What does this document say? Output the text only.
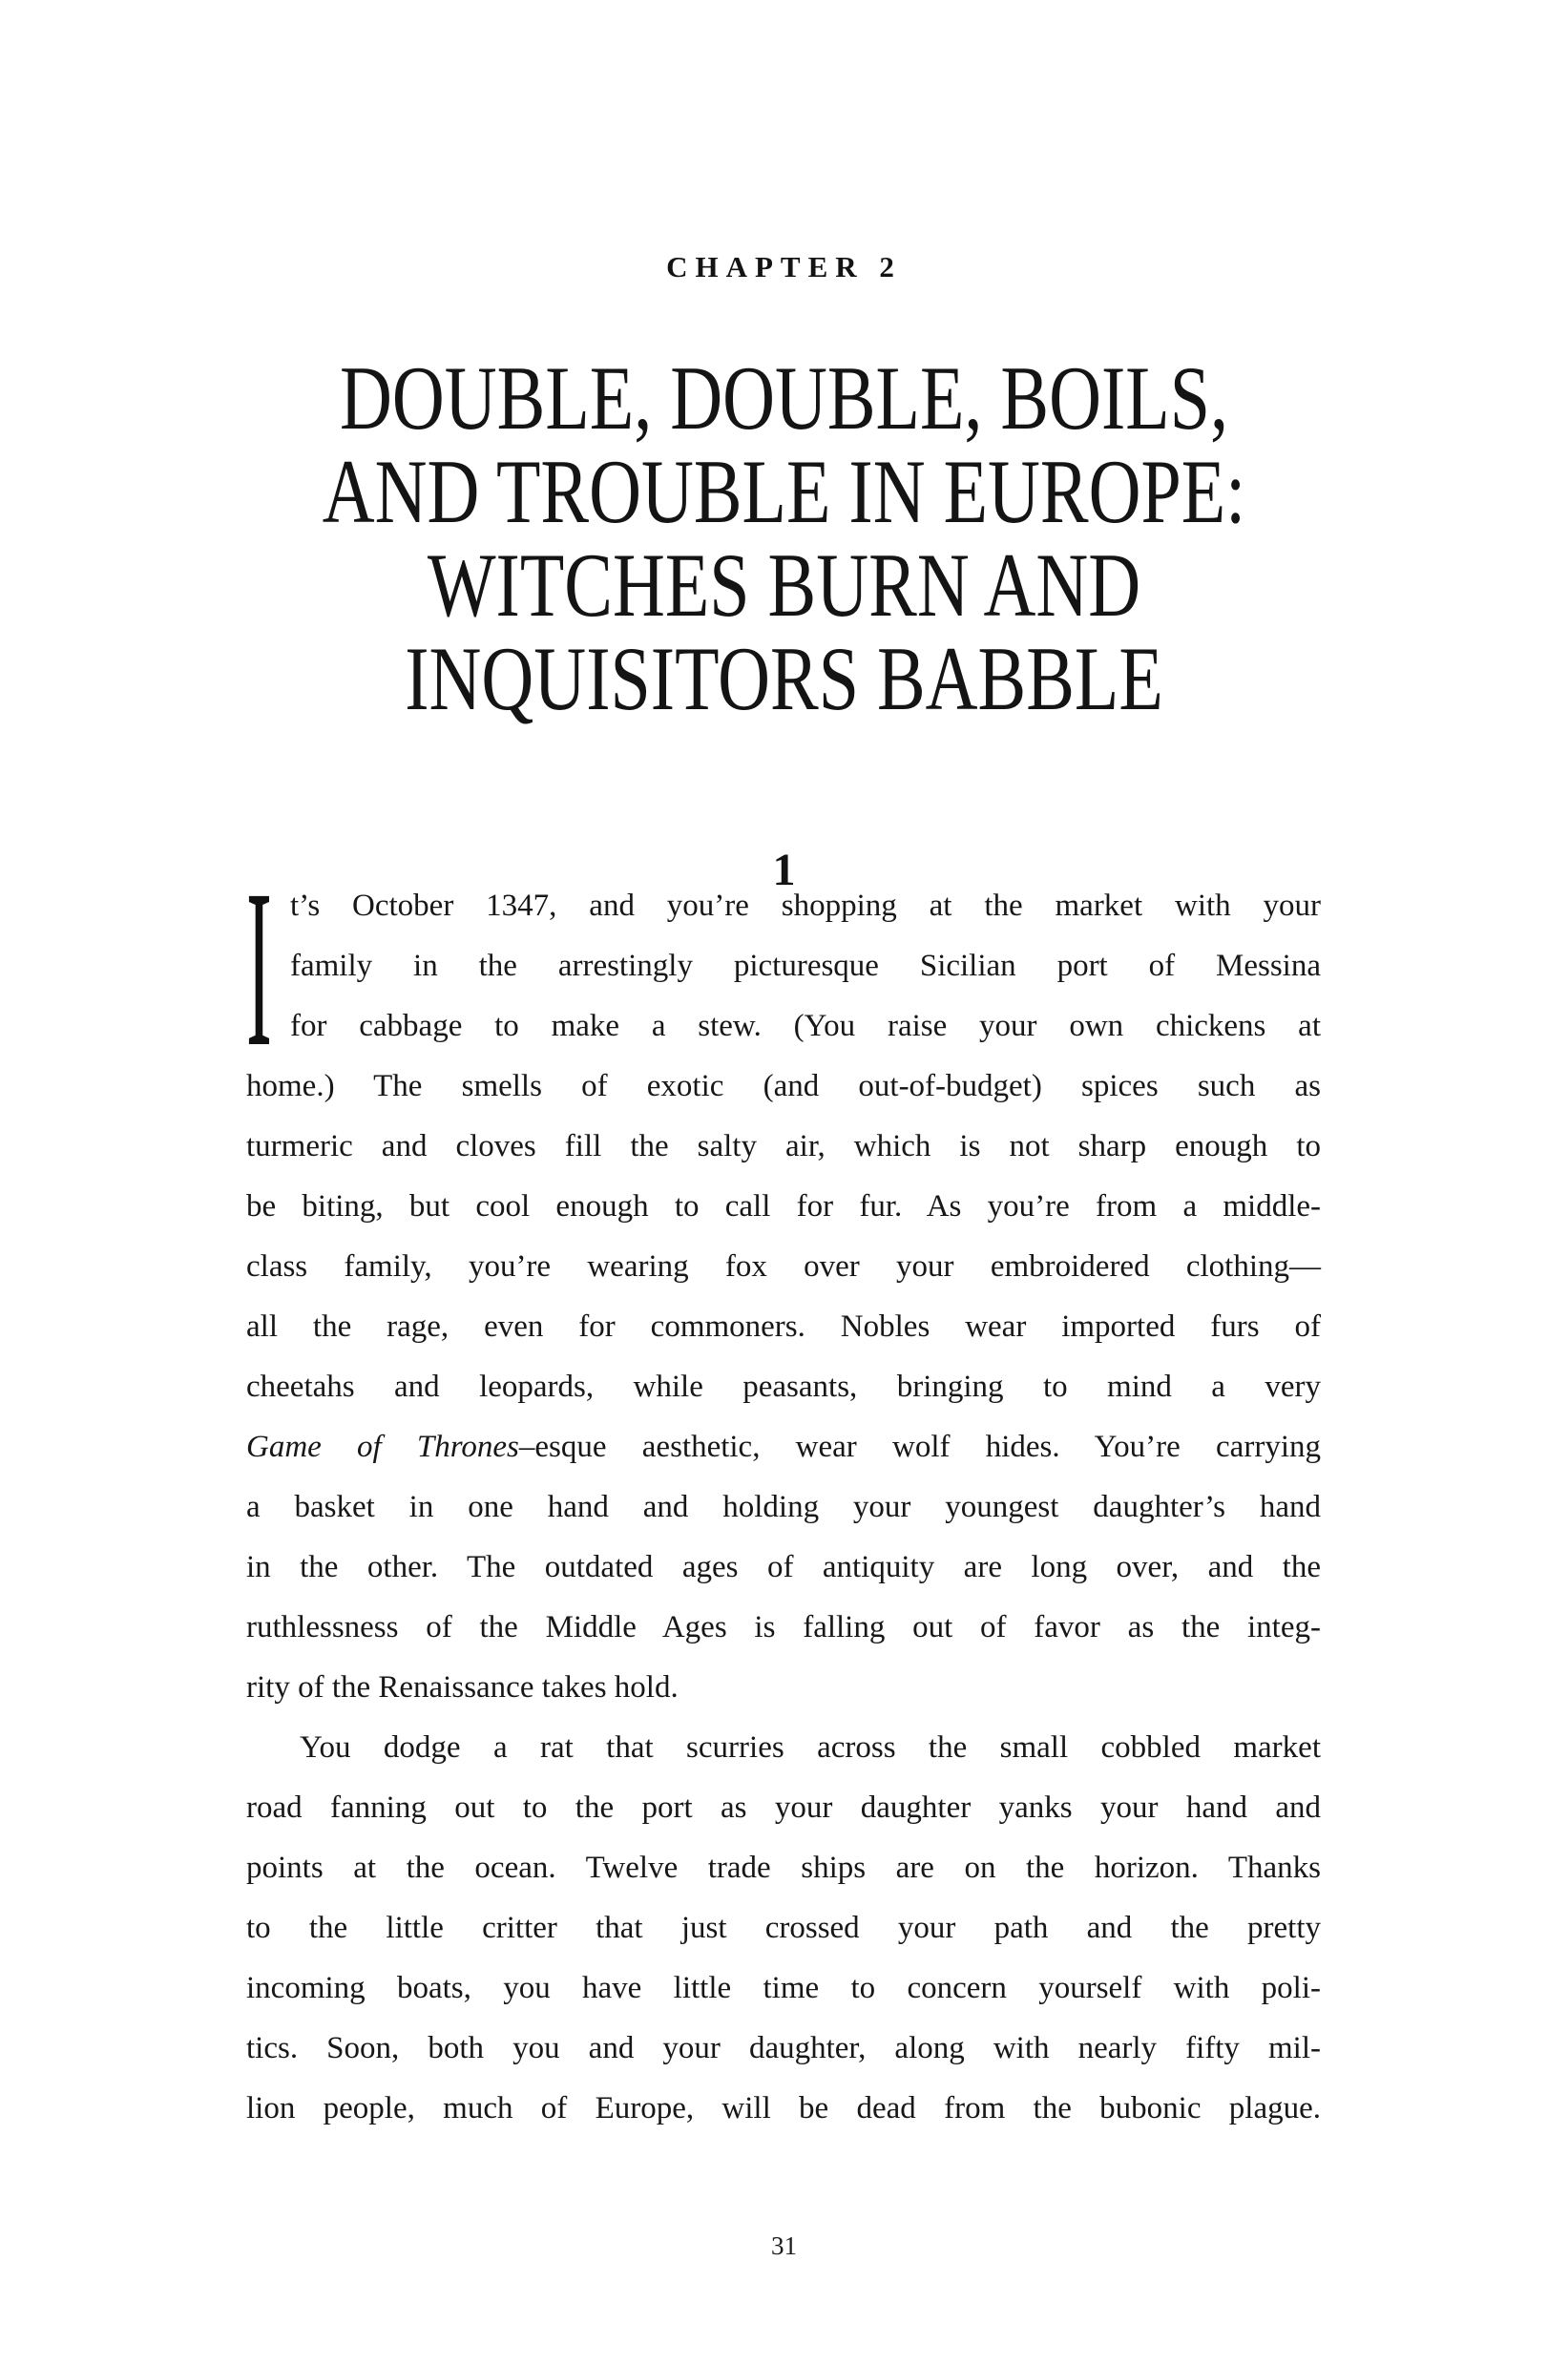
CHAPTER 2
DOUBLE, DOUBLE, BOILS,
AND TROUBLE IN EUROPE:
WITCHES BURN AND
INQUISITORS BABBLE
1
I t’s October 1347, and you’re shopping at the market with your
family in the arrestingly picturesque Sicilian port of Messina
for cabbage to make a stew. (You raise your own chickens at
home.) The smells of exotic (and out-of-budget) spices such as
turmeric and cloves fill the salty air, which is not sharp enough to
be biting, but cool enough to call for fur. As you’re from a middle-
class family, you’re wearing fox over your embroidered clothing—
all the rage, even for commoners. Nobles wear imported furs of
cheetahs and leopards, while peasants, bringing to mind a very
Game of Thrones–esque aesthetic, wear wolf hides. You’re carrying
a basket in one hand and holding your youngest daughter’s hand
in the other. The outdated ages of antiquity are long over, and the
ruthlessness of the Middle Ages is falling out of favor as the integ-
rity of the Renaissance takes hold.
You dodge a rat that scurries across the small cobbled market
road fanning out to the port as your daughter yanks your hand and
points at the ocean. Twelve trade ships are on the horizon. Thanks
to the little critter that just crossed your path and the pretty
incoming boats, you have little time to concern yourself with poli-
tics. Soon, both you and your daughter, along with nearly fifty mil-
lion people, much of Europe, will be dead from the bubonic plague.
31
